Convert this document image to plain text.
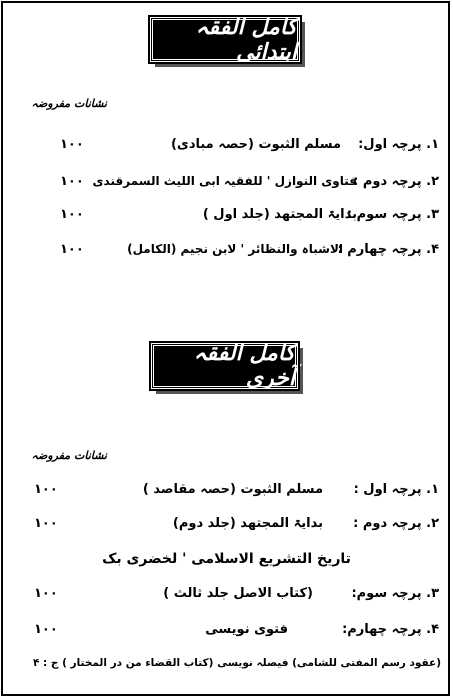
کامل الفقہ ابتدائی
نشانات مفروضہ
۱. پرچہ اول:
مسلم الثبوت (حصہ مبادی)
۱۰۰
۲. پرچہ دوم :
فتاوی النوازل ' للفقیہ ابی اللیث السمرقندی
۱۰۰
۳. پرچہ سوم :
بدایۃ المجتھد (جلد اول )
۱۰۰
۴. پرچہ چھارم :
الاشباہ والنظائر ' لابن نجیم (الکامل)
۱۰۰
کامل الفقہ آخری
نشانات مفروضہ
۱. پرچہ اول :
مسلم الثبوت (حصہ مقاصد )
۱۰۰
۲. پرچہ دوم :
بدایۃ المجتھد (جلد دوم)
۱۰۰
تاریخ التشریع الاسلامی ' لخضری بک
۳. پرچہ سوم:
(کتاب الاصل جلد ثالث )
۱۰۰
۴. پرچہ چھارم:
فتوی نویسی
۱۰۰
(عقود رسم المفتی للشامی) فیصلہ نویسی (کتاب القضاء من در المختار ) ج : ۴
